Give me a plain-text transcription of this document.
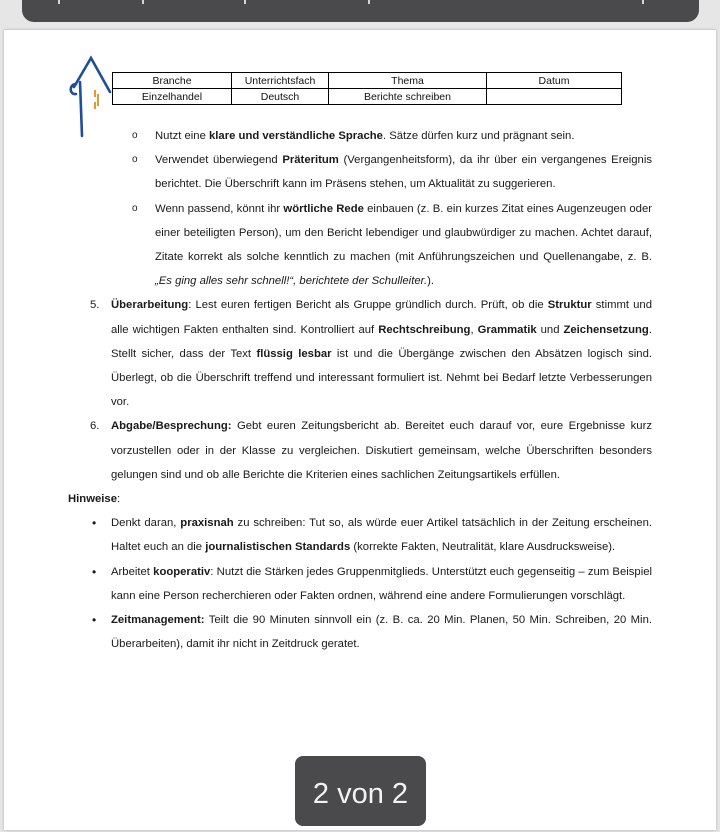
Branche	Unterrichtsfach	Thema	Datum
Einzelhandel	Deutsch	Berichte schreiben	

o Nutzt eine klare und verständliche Sprache. Sätze dürfen kurz und prägnant sein.

o Verwendet überwiegend Präteritum (Vergangenheitsform), da ihr über ein vergangenes Ereignis berichtet. Die Überschrift kann im Präsens stehen, um Aktualität zu suggerieren.

o Wenn passend, könnt ihr wörtliche Rede einbauen (z. B. ein kurzes Zitat eines Augenzeugen oder einer beteiligten Person), um den Bericht lebendiger und glaubwürdiger zu machen. Achtet darauf, Zitate korrekt als solche kenntlich zu machen (mit Anführungszeichen und Quellenangabe, z. B. „Es ging alles sehr schnell!“, berichtete der Schulleiter.).

5. Überarbeitung: Lest euren fertigen Bericht als Gruppe gründlich durch. Prüft, ob die Struktur stimmt und alle wichtigen Fakten enthalten sind. Kontrolliert auf Rechtschreibung, Grammatik und Zeichensetzung. Stellt sicher, dass der Text flüssig lesbar ist und die Übergänge zwischen den Absätzen logisch sind. Überlegt, ob die Überschrift treffend und interessant formuliert ist. Nehmt bei Bedarf letzte Verbesserungen vor.

6. Abgabe/Besprechung: Gebt euren Zeitungsbericht ab. Bereitet euch darauf vor, eure Ergebnisse kurz vorzustellen oder in der Klasse zu vergleichen. Diskutiert gemeinsam, welche Überschriften besonders gelungen sind und ob alle Berichte die Kriterien eines sachlichen Zeitungsartikels erfüllen.

Hinweise:

• Denkt daran, praxisnah zu schreiben: Tut so, als würde euer Artikel tatsächlich in der Zeitung erscheinen. Haltet euch an die journalistischen Standards (korrekte Fakten, Neutralität, klare Ausdrucksweise).

• Arbeitet kooperativ: Nutzt die Stärken jedes Gruppenmitglieds. Unterstützt euch gegenseitig – zum Beispiel kann eine Person recherchieren oder Fakten ordnen, während eine andere Formulierungen vorschlägt.

• Zeitmanagement: Teilt die 90 Minuten sinnvoll ein (z. B. ca. 20 Min. Planen, 50 Min. Schreiben, 20 Min. Überarbeiten), damit ihr nicht in Zeitdruck geratet.

2 von 2
